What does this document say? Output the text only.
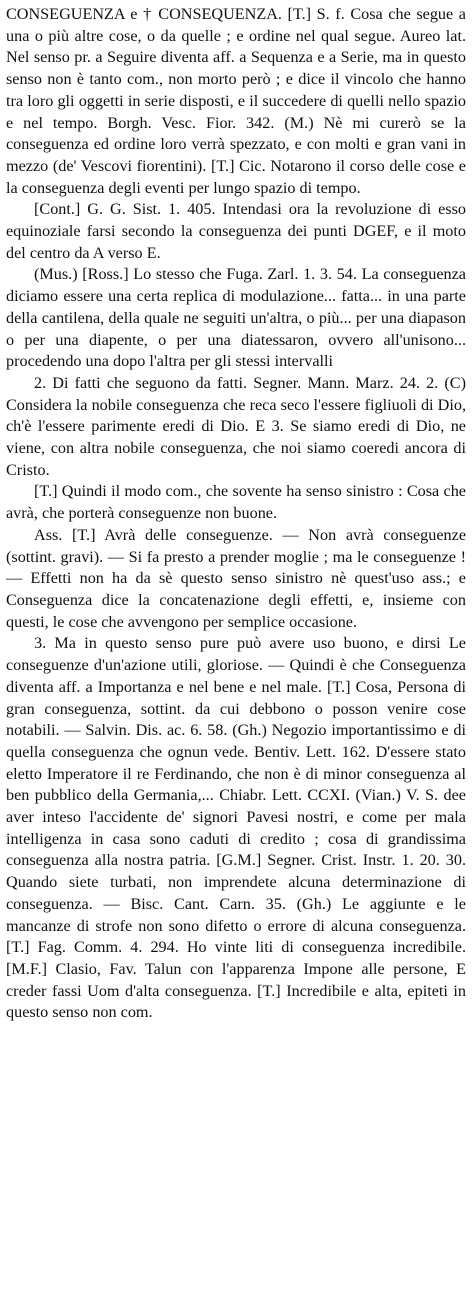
CONSEGUENZA e † CONSEQUENZA. [T.] S. f. Cosa che segue a una o più altre cose, o da quelle ; e ordine nel qual segue. Aureo lat. Nel senso pr. a Seguire diventa aff. a Sequenza e a Serie, ma in questo senso non è tanto com., non morto però ; e dice il vincolo che hanno tra loro gli oggetti in serie disposti, e il succedere di quelli nello spazio e nel tempo. Borgh. Vesc. Fior. 342. (M.) Nè mi curerò se la conseguenza ed ordine loro verrà spezzato, e con molti e gran vani in mezzo (de' Vescovi fiorentini). [T.] Cic. Notarono il corso delle cose e la conseguenza degli eventi per lungo spazio di tempo.

[Cont.] G. G. Sist. 1. 405. Intendasi ora la revoluzione di esso equinoziale farsi secondo la conseguenza dei punti DGEF, e il moto del centro da A verso E.

(Mus.) [Ross.] Lo stesso che Fuga. Zarl. 1. 3. 54. La conseguenza diciamo essere una certa replica di modulazione... fatta... in una parte della cantilena, della quale ne seguiti un'altra, o più... per una diapason o per una diapente, o per una diatessaron, ovvero all'unisono... procedendo una dopo l'altra per gli stessi intervalli

2. Di fatti che seguono da fatti. Segner. Mann. Marz. 24. 2. (C) Considera la nobile conseguenza che reca seco l'essere figliuoli di Dio, ch'è l'essere parimente eredi di Dio. E 3. Se siamo eredi di Dio, ne viene, con altra nobile conseguenza, che noi siamo coeredi ancora di Cristo.

[T.] Quindi il modo com., che sovente ha senso sinistro : Cosa che avrà, che porterà conseguenze non buone.

Ass. [T.] Avrà delle conseguenze. — Non avrà conseguenze (sottint. gravi). — Si fa presto a prender moglie ; ma le conseguenze ! — Effetti non ha da sè questo senso sinistro nè quest'uso ass.; e Conseguenza dice la concatenazione degli effetti, e, insieme con questi, le cose che avvengono per semplice occasione.

3. Ma in questo senso pure può avere uso buono, e dirsi Le conseguenze d'un'azione utili, gloriose. — Quindi è che Conseguenza diventa aff. a Importanza e nel bene e nel male. [T.] Cosa, Persona di gran conseguenza, sottint. da cui debbono o posson venire cose notabili. — Salvin. Dis. ac. 6. 58. (Gh.) Negozio importantissimo e di quella conseguenza che ognun vede. Bentiv. Lett. 162. D'essere stato eletto Imperatore il re Ferdinando, che non è di minor conseguenza al ben pubblico della Germania,... Chiabr. Lett. CCXI. (Vian.) V. S. dee aver inteso l'accidente de' signori Pavesi nostri, e come per mala intelligenza in casa sono caduti di credito ; cosa di grandissima conseguenza alla nostra patria. [G.M.] Segner. Crist. Instr. 1. 20. 30. Quando siete turbati, non imprendete alcuna determinazione di conseguenza. — Bisc. Cant. Carn. 35. (Gh.) Le aggiunte e le mancanze di strofe non sono difetto o errore di alcuna conseguenza. [T.] Fag. Comm. 4. 294. Ho vinte liti di conseguenza incredibile. [M.F.] Clasio, Fav. Talun con l'apparenza Impone alle persone, E creder fassi Uom d'alta conseguenza. [T.] Incredibile e alta, epiteti in questo senso non com.
